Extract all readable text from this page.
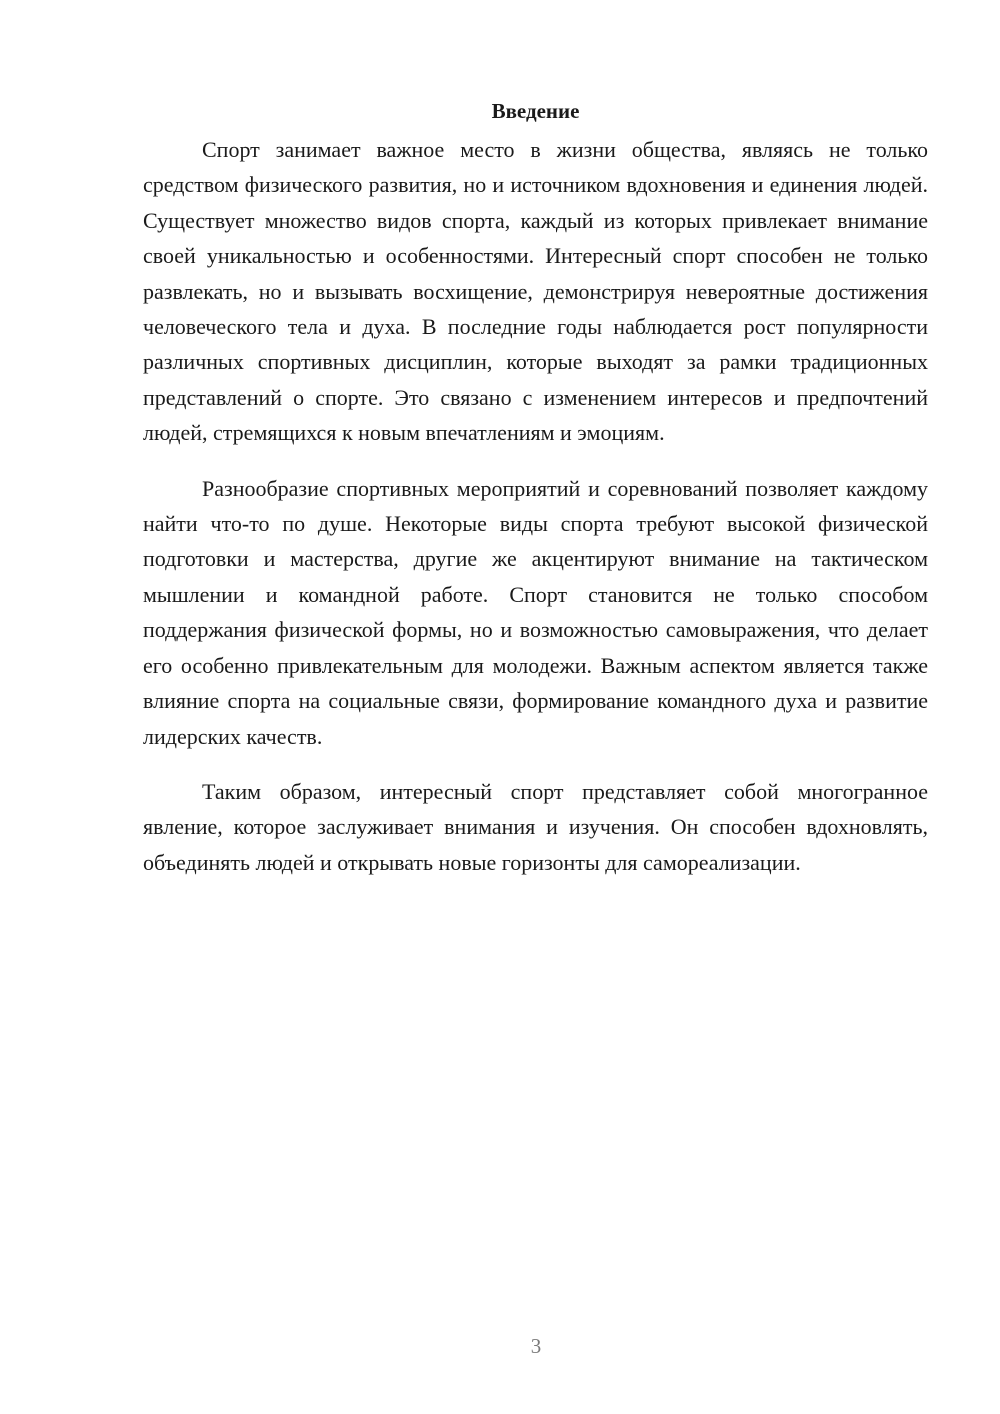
Введение

Спорт занимает важное место в жизни общества, являясь не только средством физического развития, но и источником вдохновения и единения людей. Существует множество видов спорта, каждый из которых привлекает внимание своей уникальностью и особенностями. Интересный спорт способен не только развлекать, но и вызывать восхищение, демонстрируя невероятные достижения человеческого тела и духа. В последние годы наблюдается рост популярности различных спортивных дисциплин, которые выходят за рамки традиционных представлений о спорте. Это связано с изменением интересов и предпочтений людей, стремящихся к новым впечатлениям и эмоциям.

Разнообразие спортивных мероприятий и соревнований позволяет каждому найти что-то по душе. Некоторые виды спорта требуют высокой физической подготовки и мастерства, другие же акцентируют внимание на тактическом мышлении и командной работе. Спорт становится не только способом поддержания физической формы, но и возможностью самовыражения, что делает его особенно привлекательным для молодежи. Важным аспектом является также влияние спорта на социальные связи, формирование командного духа и развитие лидерских качеств.

Таким образом, интересный спорт представляет собой многогранное явление, которое заслуживает внимания и изучения. Он способен вдохновлять, объединять людей и открывать новые горизонты для самореализации.

3
